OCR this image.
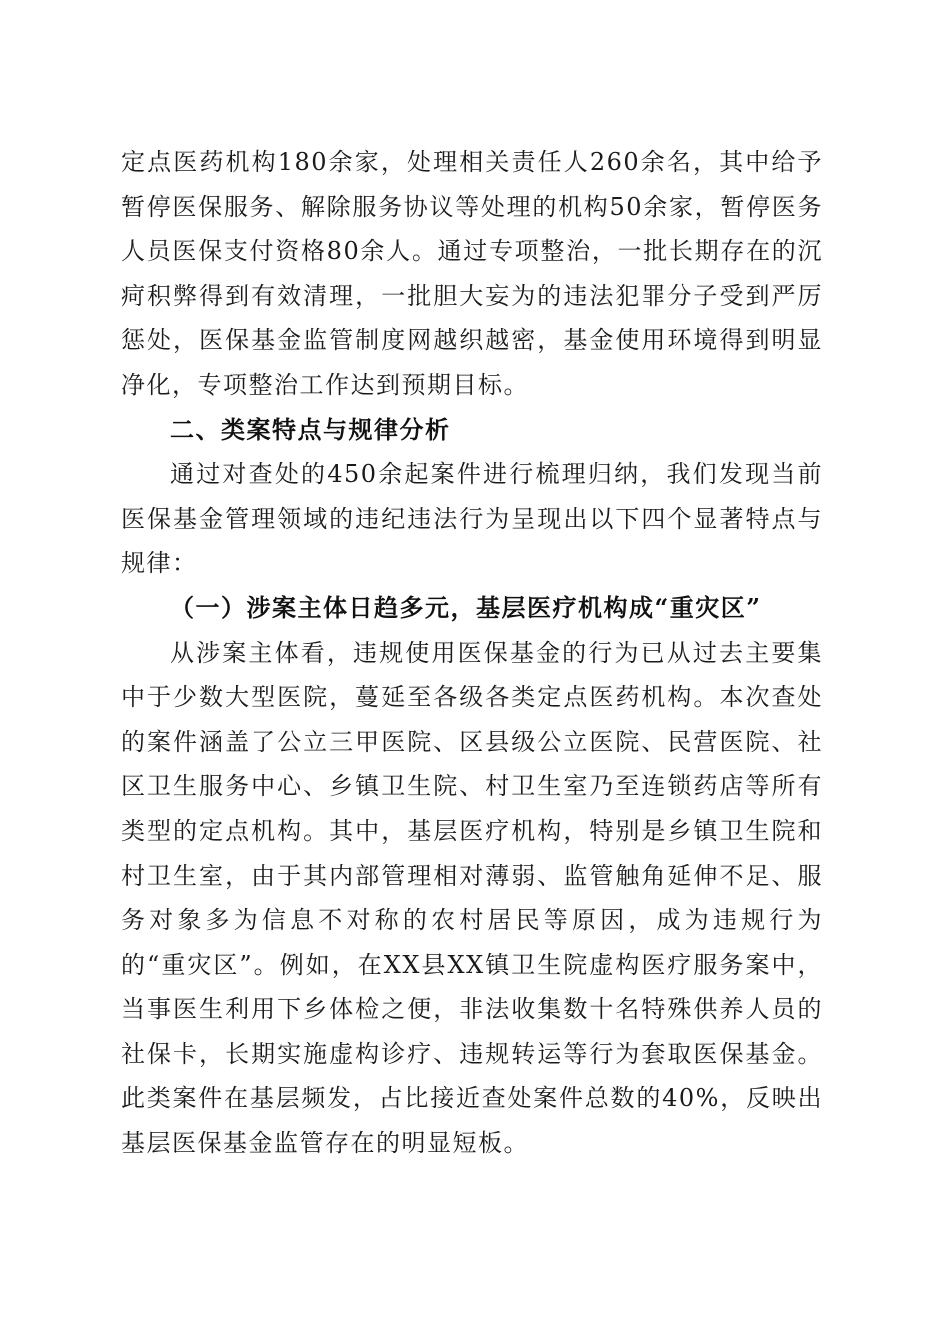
定点医药机构180余家，处理相关责任人260余名，其中给予暂停医保服务、解除服务协议等处理的机构50余家，暂停医务人员医保支付资格80余人。通过专项整治，一批长期存在的沉疴积弊得到有效清理，一批胆大妄为的违法犯罪分子受到严厉惩处，医保基金监管制度网越织越密，基金使用环境得到明显净化，专项整治工作达到预期目标。

二、类案特点与规律分析

通过对查处的450余起案件进行梳理归纳，我们发现当前医保基金管理领域的违纪违法行为呈现出以下四个显著特点与规律：

（一）涉案主体日趋多元，基层医疗机构成“重灾区”

从涉案主体看，违规使用医保基金的行为已从过去主要集中于少数大型医院，蔓延至各级各类定点医药机构。本次查处的案件涵盖了公立三甲医院、区县级公立医院、民营医院、社区卫生服务中心、乡镇卫生院、村卫生室乃至连锁药店等所有类型的定点机构。其中，基层医疗机构，特别是乡镇卫生院和村卫生室，由于其内部管理相对薄弱、监管触角延伸不足、服务对象多为信息不对称的农村居民等原因，成为违规行为的“重灾区”。例如，在XX县XX镇卫生院虚构医疗服务案中，当事医生利用下乡体检之便，非法收集数十名特殊供养人员的社保卡，长期实施虚构诊疗、违规转运等行为套取医保基金。此类案件在基层频发，占比接近查处案件总数的40%，反映出基层医保基金监管存在的明显短板。
